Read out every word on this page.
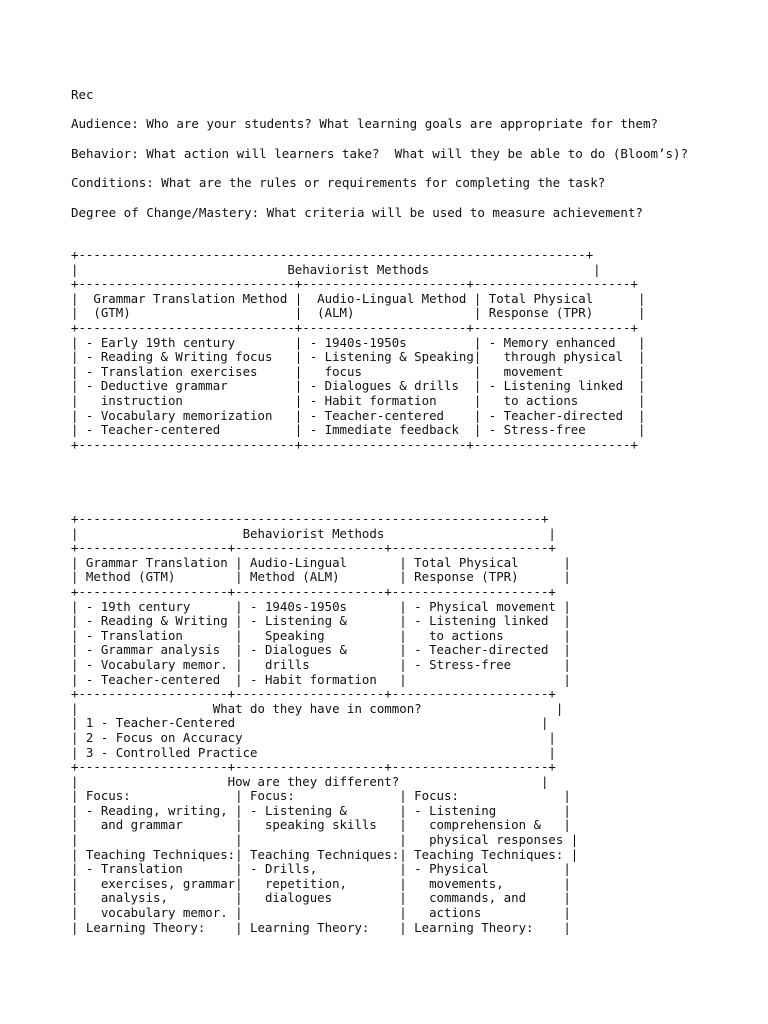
Rec

Audience: Who are your students? What learning goals are appropriate for them?

Behavior: What action will learners take?  What will they be able to do (Bloom’s)?

Conditions: What are the rules or requirements for completing the task?

Degree of Change/Mastery: What criteria will be used to measure achievement?

+--------------------------------------------------------------------+
|                            Behaviorist Methods                      |
+-----------------------------+----------------------+---------------------+
|  Grammar Translation Method |  Audio-Lingual Method | Total Physical      |
|  (GTM)                      |  (ALM)                | Response (TPR)      |
+-----------------------------+----------------------+---------------------+
| - Early 19th century        | - 1940s-1950s         | - Memory enhanced   |
| - Reading & Writing focus   | - Listening & Speaking|   through physical  |
| - Translation exercises     |   focus               |   movement          |
| - Deductive grammar         | - Dialogues & drills  | - Listening linked  |
|   instruction               | - Habit formation     |   to actions        |
| - Vocabulary memorization   | - Teacher-centered    | - Teacher-directed  |
| - Teacher-centered          | - Immediate feedback  | - Stress-free       |
+-----------------------------+----------------------+---------------------+
+--------------------------------------------------------------+
|                      Behaviorist Methods                      |
+--------------------+--------------------+---------------------+
| Grammar Translation | Audio-Lingual       | Total Physical      |
| Method (GTM)        | Method (ALM)        | Response (TPR)      |
+--------------------+--------------------+---------------------+
| - 19th century      | - 1940s-1950s       | - Physical movement |
| - Reading & Writing | - Listening &       | - Listening linked  |
| - Translation       |   Speaking          |   to actions        |
| - Grammar analysis  | - Dialogues &       | - Teacher-directed  |
| - Vocabulary memor. |   drills            | - Stress-free       |
| - Teacher-centered  | - Habit formation   |                     |
+--------------------+--------------------+---------------------+
|                  What do they have in common?                  |
| 1 - Teacher-Centered                                         |
| 2 - Focus on Accuracy                                         |
| 3 - Controlled Practice                                       |
+--------------------+--------------------+---------------------+
|                    How are they different?                   |
| Focus:              | Focus:              | Focus:              |
| - Reading, writing, | - Listening &       | - Listening         |
|   and grammar       |   speaking skills   |   comprehension &   |
|                     |                     |   physical responses |
| Teaching Techniques:| Teaching Techniques:| Teaching Techniques: |
| - Translation       | - Drills,           | - Physical          |
|   exercises, grammar|   repetition,       |   movements,        |
|   analysis,         |   dialogues         |   commands, and     |
|   vocabulary memor. |                     |   actions           |
| Learning Theory:    | Learning Theory:    | Learning Theory:    |
